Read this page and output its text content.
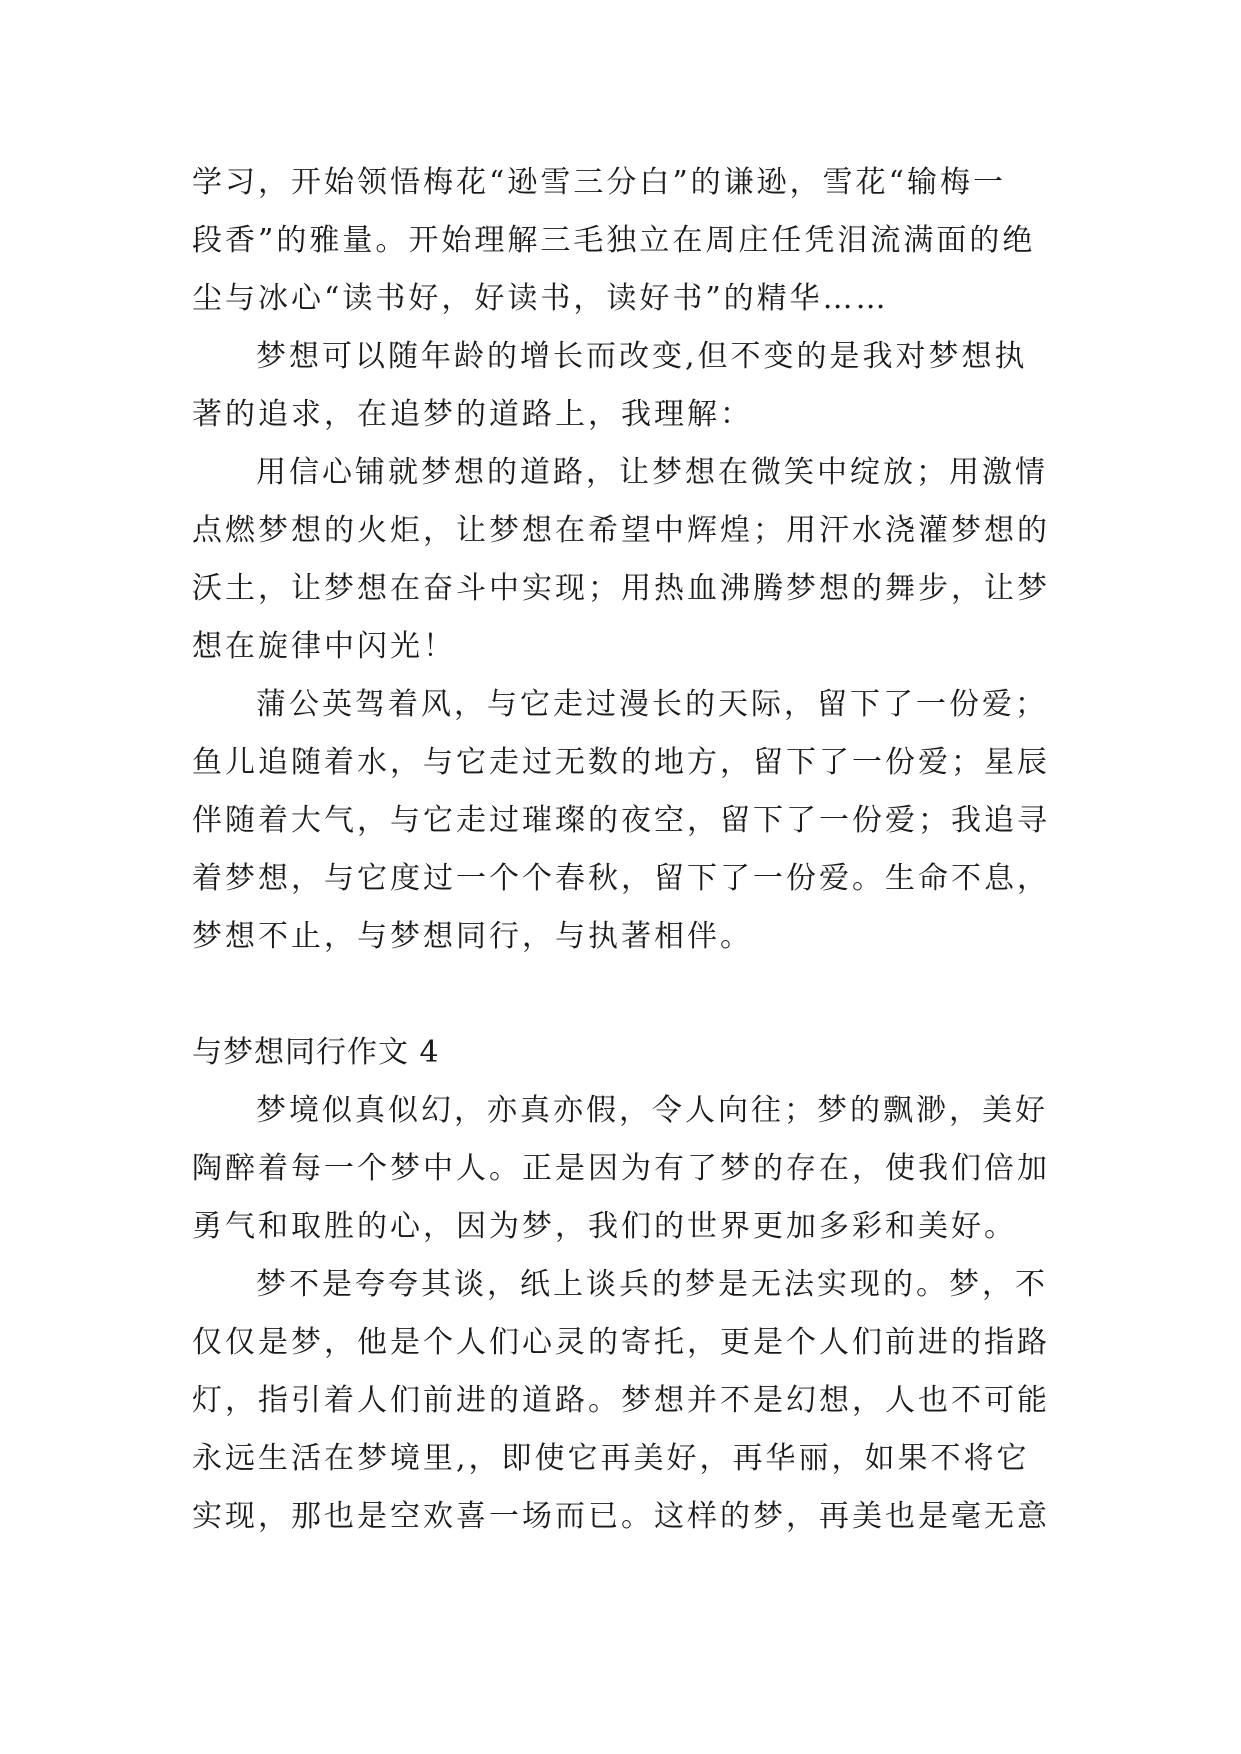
学习，开始领悟梅花“逊雪三分白”的谦逊，雪花“输梅一
段香”的雅量。开始理解三毛独立在周庄任凭泪流满面的绝
尘与冰心“读书好，好读书，读好书”的精华……
梦想可以随年龄的增长而改变,但不变的是我对梦想执
著的追求，在追梦的道路上，我理解：
用信心铺就梦想的道路，让梦想在微笑中绽放；用激情
点燃梦想的火炬，让梦想在希望中辉煌；用汗水浇灌梦想的
沃土，让梦想在奋斗中实现；用热血沸腾梦想的舞步，让梦
想在旋律中闪光！
蒲公英驾着风，与它走过漫长的天际，留下了一份爱；
鱼儿追随着水，与它走过无数的地方，留下了一份爱；星辰
伴随着大气，与它走过璀璨的夜空，留下了一份爱；我追寻
着梦想，与它度过一个个春秋，留下了一份爱。生命不息，
梦想不止，与梦想同行，与执著相伴。
与梦想同行作文 4
梦境似真似幻，亦真亦假，令人向往；梦的飘渺，美好
陶醉着每一个梦中人。正是因为有了梦的存在，使我们倍加
勇气和取胜的心，因为梦，我们的世界更加多彩和美好。
梦不是夸夸其谈，纸上谈兵的梦是无法实现的。梦，不
仅仅是梦，他是个人们心灵的寄托，更是个人们前进的指路
灯，指引着人们前进的道路。梦想并不是幻想，人也不可能
永远生活在梦境里,，即使它再美好，再华丽，如果不将它
实现，那也是空欢喜一场而已。这样的梦，再美也是毫无意
